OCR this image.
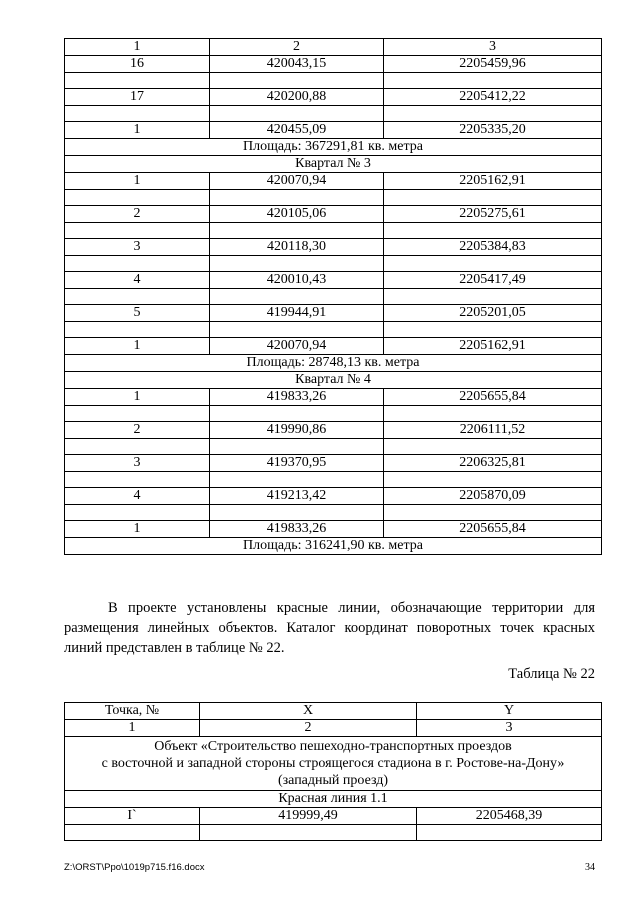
1	2	3
16	420043,15	2205459,96

17	420200,88	2205412,22

1	420455,09	2205335,20
Площадь: 367291,81 кв. метра		
Квартал № 3		
1	420070,94	2205162,91

2	420105,06	2205275,61

3	420118,30	2205384,83

4	420010,43	2205417,49

5	419944,91	2205201,05

1	420070,94	2205162,91
Площадь: 28748,13 кв. метра		
Квартал № 4		
1	419833,26	2205655,84

2	419990,86	2206111,52

3	419370,95	2206325,81

4	419213,42	2205870,09

1	419833,26	2205655,84
Площадь: 316241,90 кв. метра		

В проекте установлены красные линии, обозначающие территории для
размещения линейных объектов. Каталог координат поворотных точек красных
линий представлен в таблице № 22.

Таблица № 22

Точка, №	X	Y
1	2	3

Объект «Строительство пешеходно-транспортных проездов
с восточной и западной стороны строящегося стадиона в г. Ростове-на-Дону»
(западный проезд)		

Красная линия 1.1		
I`	419999,49	2205468,39

Z:\ORST\Ppo\1019p715.f16.docx	34
